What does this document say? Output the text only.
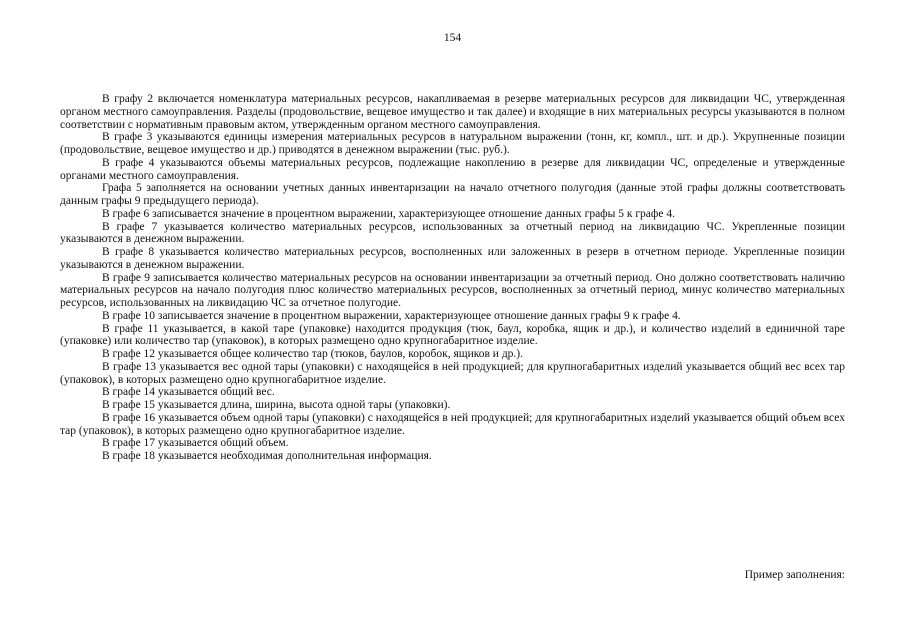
154

В графу 2 включается номенклатура материальных ресурсов, накапливаемая в резерве материальных ресурсов для ликвидации ЧС, утвержденная органом местного самоуправления. Разделы (продовольствие, вещевое имущество и так далее) и входящие в них материальных ресурсы указываются в полном соответствии с нормативным правовым актом, утвержденным органом местного самоуправления.

В графе 3 указываются единицы измерения материальных ресурсов в натуральном выражении (тонн, кг, компл., шт. и др.). Укрупненные позиции (продовольствие, вещевое имущество и др.) приводятся в денежном выражении (тыс. руб.).

В графе 4 указываются объемы материальных ресурсов, подлежащие накоплению в резерве для ликвидации ЧС, определеные и утвержденные органами местного самоуправления.

Графа 5 заполняется на основании учетных данных инвентаризации на начало отчетного полугодия (данные этой графы должны соответствовать данным графы 9 предыдущего периода).

В графе 6 записывается значение в процентном выражении, характеризующее отношение данных графы 5 к графе 4.

В графе 7 указывается количество материальных ресурсов, использованных за отчетный период на ликвидацию ЧС. Укрепленные позиции указываются в денежном выражении.

В графе 8 указывается количество материальных ресурсов, восполненных или заложенных в резерв в отчетном периоде. Укрепленные позиции указываются в денежном выражении.

В графе 9 записывается количество материальных ресурсов на основании инвентаризации за отчетный период. Оно должно соответствовать наличию материальных ресурсов на начало полугодия плюс количество материальных ресурсов, восполненных за отчетный период, минус количество материальных ресурсов, использованных на ликвидацию ЧС за отчетное полугодие.

В графе 10 записывается значение в процентном выражении, характеризующее отношение данных графы 9 к графе 4.

В графе 11 указывается, в какой таре (упаковке) находится продукция (тюк, баул, коробка, ящик и др.), и количество изделий в единичной таре (упаковке) или количество тар (упаковок), в которых размещено одно крупногабаритное изделие.

В графе 12 указывается общее количество тар (тюков, баулов, коробок, ящиков и др.).

В графе 13 указывается вес одной тары (упаковки) с находящейся в ней продукцией; для крупногабаритных изделий указывается общий вес всех тар (упаковок), в которых размещено одно крупногабаритное изделие.

В графе 14 указывается общий вес.

В графе 15 указывается длина, ширина, высота одной тары (упаковки).

В графе 16 указывается объем одной тары (упаковки) с находящейся в ней продукцией; для крупногабаритных изделий указывается общий объем всех тар (упаковок), в которых размещено одно крупногабаритное изделие.

В графе 17 указывается общий объем.

В графе 18 указывается необходимая дополнительная информация.

Пример заполнения:
